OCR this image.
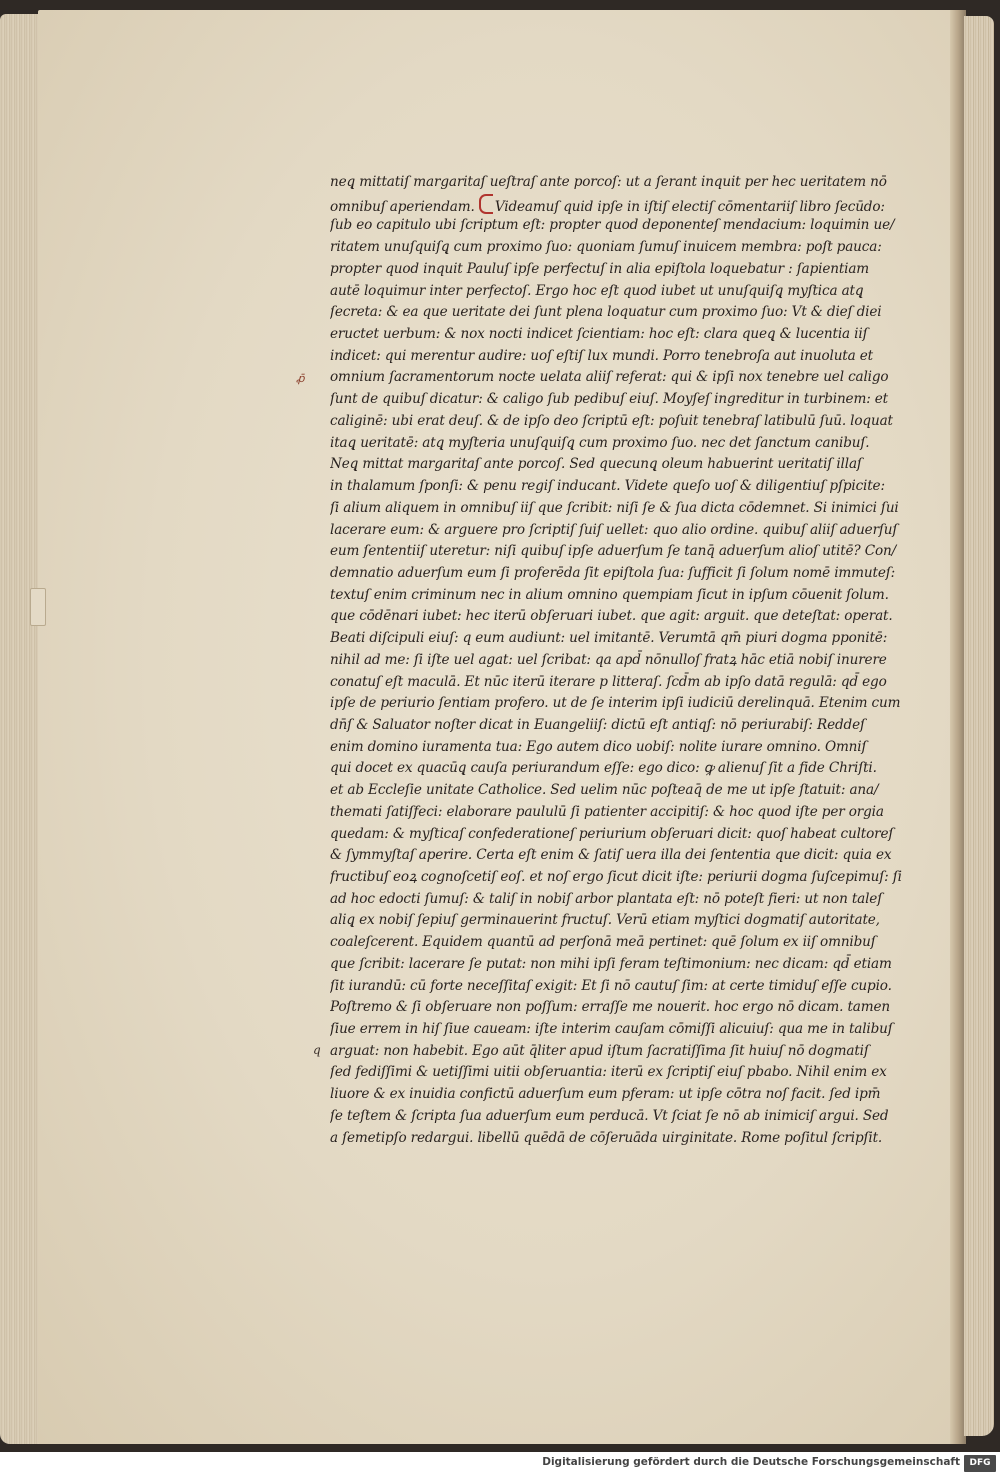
ꝓ̄
q
neq̨ mittatiſ margaritaſ ueſtraſ ante porcoſ: ut a ſerant inquit per hec ueritatem nō
omnibuſ aperiendam. Videamuſ quid ipſe in iſtiſ electiſ cōmentariiſ libro ſecūdo:
ſub eo capitulo ubi ſcriptum eſt: propter quod deponenteſ mendacium: loquimin ue/
ritatem unuſquiſq̨ cum proximo ſuo: quoniam ſumuſ inuicem membra: poſt pauca:
propter quod inquit Pauluſ ipſe perfectuſ in alia epiſtola loquebatur : ſapientiam
autē loquimur inter perfectoſ. Ergo hoc eſt quod iubet ut unuſquiſq̨ myſtica atq̨
ſecreta: & ea que ueritate dei ſunt plena loquatur cum proximo ſuo: Vt & dieſ diei
eructet uerbum: & nox nocti indicet ſcientiam: hoc eſt: clara queq̨ & lucentia iiſ
indicet: qui merentur audire: uoſ eſtiſ lux mundi. Porro tenebroſa aut inuoluta et
omnium ſacramentorum nocte uelata aliiſ referat: qui & ipſi nox tenebre uel caligo
ſunt de quibuſ dicatur: & caligo ſub pedibuſ eiuſ. Moyſeſ ingreditur in turbinem: et
caliginē: ubi erat deuſ. & de ipſo deo ſcriptū eſt: poſuit tenebraſ latibulū ſuū. loquat
itaq̨ ueritatē: atq̨ myſteria unuſquiſq̨ cum proximo ſuo. nec det ſanctum canibuſ.
Neq̨ mittat margaritaſ ante porcoſ. Sed quecunq̨ oleum habuerint ueritatiſ illaſ
in thalamum ſponſi: & penu regiſ inducant. Videte queſo uoſ & diligentiuſ pſpicite:
ſi alium aliquem in omnibuſ iiſ que ſcribit: niſi ſe & ſua dicta cōdemnet. Si inimici ſui
lacerare eum: & arguere pro ſcriptiſ ſuiſ uellet: quo alio ordine. quibuſ aliiſ aduerſuſ
eum ſententiiſ uteretur: niſi quibuſ ipſe aduerſum ſe tanq̄ aduerſum alioſ utitē? Con/
demnatio aduerſum eum ſi proferēda ſit epiſtola ſua: ſufficit ſi ſolum nomē immuteſ:
textuſ enim criminum nec in alium omnino quempiam ſicut in ipſum cōuenit ſolum.
que cōdēnari iubet: hec iterū obſeruari iubet. que agit: arguit. que deteſtat: operat.
Beati diſcipuli eiuſ: q eum audiunt: uel imitantē. Verumtā qm̄ piuri dogma pponitē:
nihil ad me: ſi iſte uel agat: uel ſcribat: qa apd̄ nōnulloſ fratꝝ hāc etiā nobiſ inurere
conatuſ eſt maculā. Et nūc iterū iterare p litteraſ. ſcd̄m ab ipſo datā regulā: qd̄ ego
ipſe de periurio ſentiam profero. ut de ſe interim ipſi iudiciū derelinquā. Etenim cum
dn̄ſ & Saluator noſter dicat in Euangeliiſ: dictū eſt antiqſ: nō periurabiſ: Reddeſ
enim domino iuramenta tua: Ego autem dico uobiſ: nolite iurare omnino. Omniſ
qui docet ex quacūq̨ cauſa periurandum eſſe: ego dico: ꝙ alienuſ ſit a fide Chriſti.
et ab Eccleſie unitate Catholice. Sed uelim nūc poſteaq̄ de me ut ipſe ſtatuit: ana/
themati ſatiſfeci: elaborare paululū ſi patienter accipitiſ: & hoc quod iſte per orgia
quedam: & myſticaſ confederationeſ periurium obſeruari dicit: quoſ habeat cultoreſ
& ſymmyſtaſ aperire. Certa eſt enim & ſatiſ uera illa dei ſententia que dicit: quia ex
fructibuſ eoꝝ cognoſcetiſ eoſ. et noſ ergo ſicut dicit iſte: periurii dogma ſuſcepimuſ: ſi
ad hoc edocti ſumuſ: & taliſ in nobiſ arbor plantata eſt: nō poteſt fieri: ut non taleſ
aliq̨ ex nobiſ ſepiuſ germinauerint fructuſ. Verū etiam myſtici dogmatiſ autoritate,
coaleſcerent. Equidem quantū ad perſonā meā pertinet: quē ſolum ex iiſ omnibuſ
que ſcribit: lacerare ſe putat: non mihi ipſi feram teſtimonium: nec dicam: qd̄ etiam
ſit iurandū: cū forte neceſſitaſ exigit: Et ſi nō cautuſ ſim: at certe timiduſ eſſe cupio.
Poſtremo & ſi obſeruare non poſſum: erraſſe me nouerit. hoc ergo nō dicam. tamen
ſiue errem in hiſ ſiue caueam: iſte interim cauſam cōmiſſi alicuiuſ: qua me in talibuſ
arguat: non habebit. Ego aūt q̄liter apud iſtum ſacratiſſima ſit huiuſ nō dogmatiſ
ſed fediſſimi & uetiſſimi uitii obſeruantia: iterū ex ſcriptiſ eiuſ pbabo. Nihil enim ex
liuore & ex inuidia confictū aduerſum eum pferam: ut ipſe cōtra noſ facit. ſed ipm̄
ſe teſtem & ſcripta ſua aduerſum eum perducā. Vt ſciat ſe nō ab inimiciſ argui. Sed
a ſemetipſo redargui. libellū quēdā de cōſeruāda uirginitate. Rome poſitul ſcripſit.
Digitalisierung gefördert durch die Deutsche Forschungsgemeinschaft	DFG
